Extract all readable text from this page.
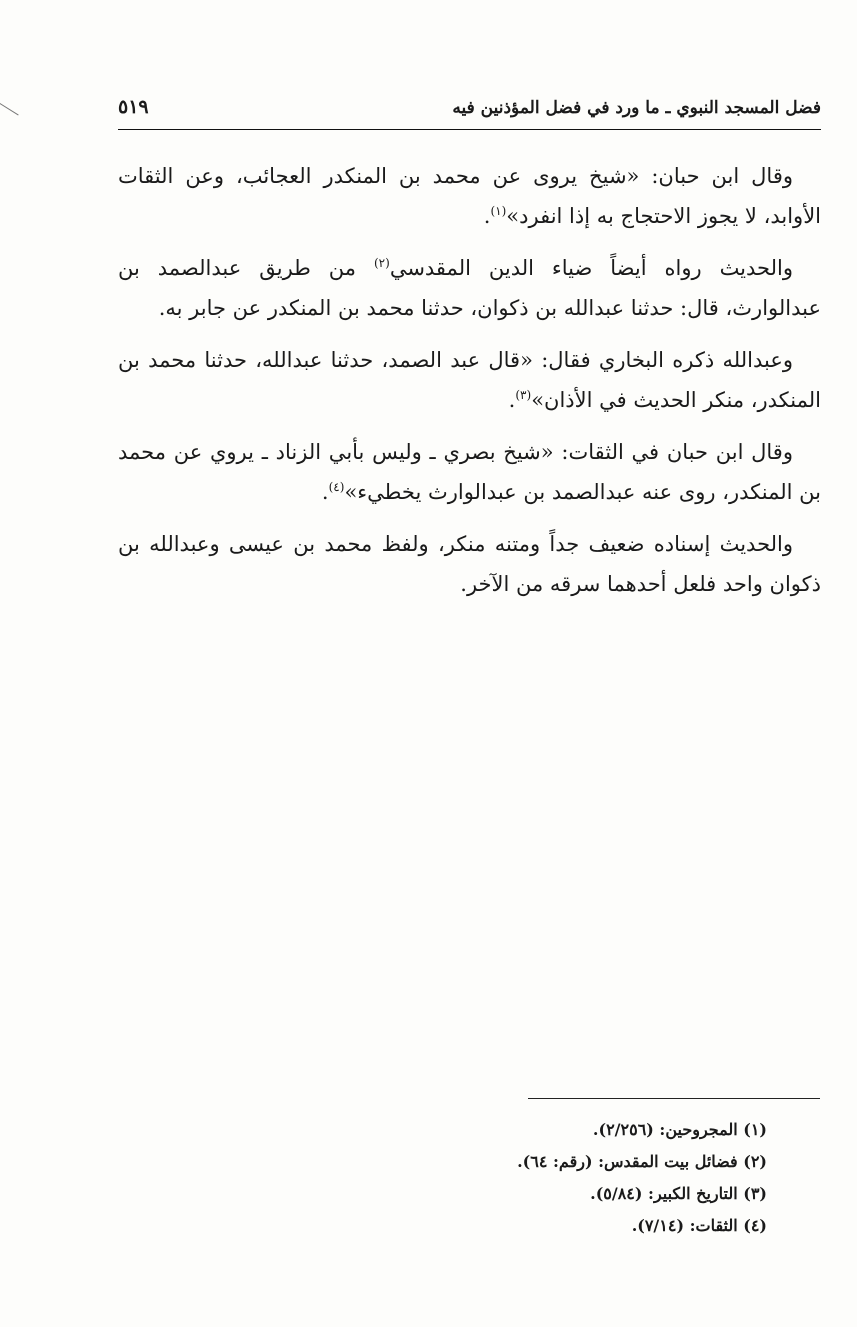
فضل المسجد النبوي ـ ما ورد في فضل المؤذنين فيه
٥١٩

وقال ابن حبان: «شيخ يروى عن محمد بن المنكدر العجائب، وعن الثقات الأوابد، لا يجوز الاحتجاج به إذا انفرد»$^{(١)}$.

والحديث رواه أيضاً ضياء الدين المقدسي$^{(٢)}$ من طريق عبدالصمد بن عبدالوارث، قال: حدثنا عبدالله بن ذكوان، حدثنا محمد بن المنكدر عن جابر به.

وعبدالله ذكره البخاري فقال: «قال عبد الصمد، حدثنا عبدالله، حدثنا محمد بن المنكدر، منكر الحديث في الأذان»$^{(٣)}$.

وقال ابن حبان في الثقات: «شيخ بصري ـ وليس بأبي الزناد ـ يروي عن محمد بن المنكدر، روى عنه عبدالصمد بن عبدالوارث يخطيء»$^{(٤)}$.

والحديث إسناده ضعيف جداً ومتنه منكر، ولفظ محمد بن عيسى وعبدالله بن ذكوان واحد فلعل أحدهما سرقه من الآخر.

(١) المجروحين: (٢/٢٥٦).

(٢) فضائل بيت المقدس: (رقم: ٦٤).

(٣) التاريخ الكبير: (٥/٨٤).

(٤) الثقات: (٧/١٤).
